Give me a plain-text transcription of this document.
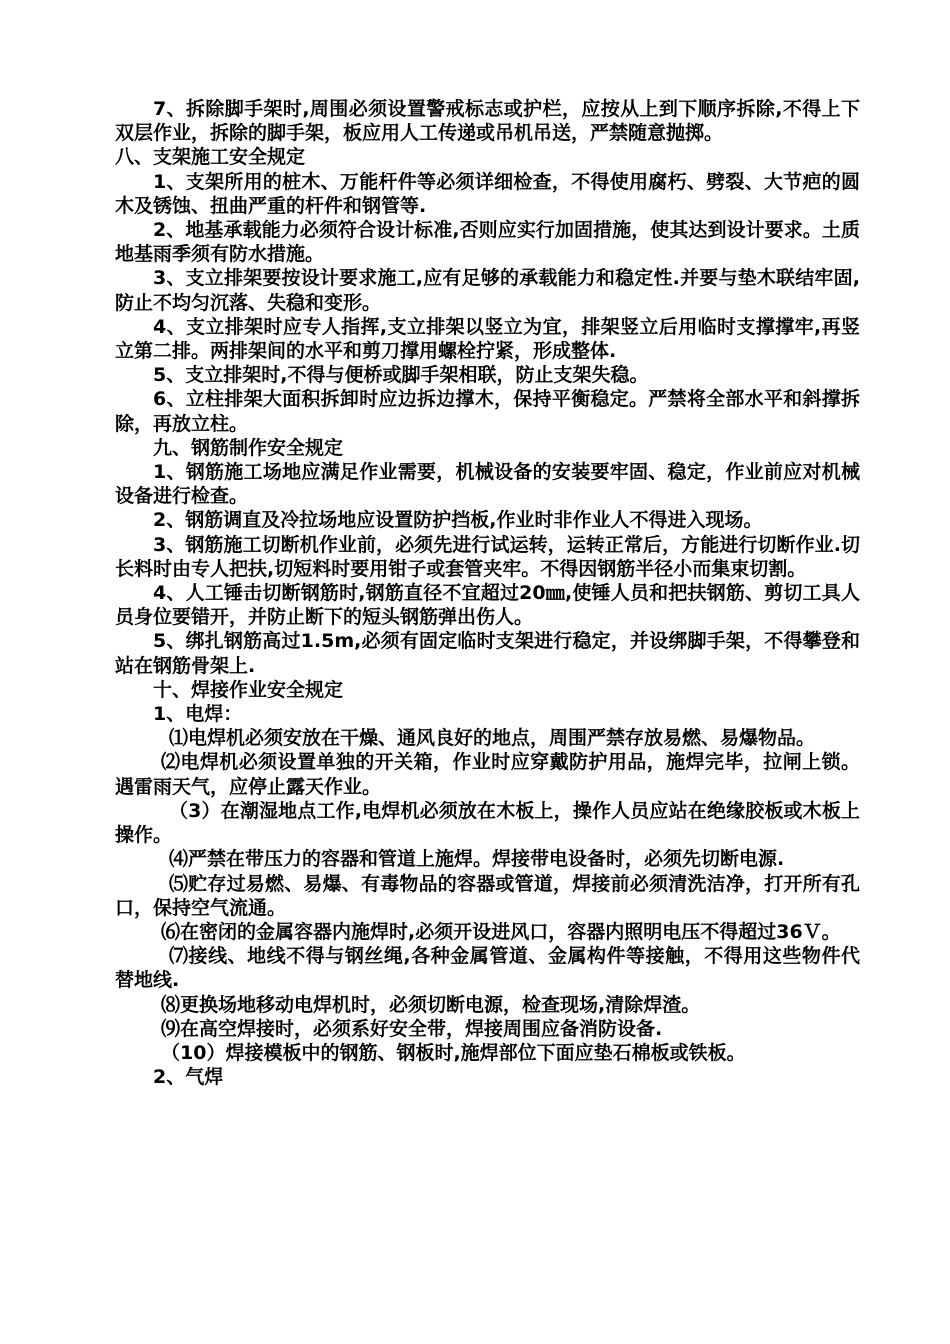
7、拆除脚手架时,周围必须设置警戒标志或护栏，应按从上到下顺序拆除,不得上下双层作业，拆除的脚手架，板应用人工传递或吊机吊送，严禁随意抛掷。

八、支架施工安全规定

1、支架所用的桩木、万能杆件等必须详细检查，不得使用腐朽、劈裂、大节疤的圆木及锈蚀、扭曲严重的杆件和钢管等.

2、地基承载能力必须符合设计标准,否则应实行加固措施，使其达到设计要求。土质地基雨季须有防水措施。

3、支立排架要按设计要求施工,应有足够的承载能力和稳定性.并要与垫木联结牢固,防止不均匀沉落、失稳和变形。

4、支立排架时应专人指挥,支立排架以竖立为宜，排架竖立后用临时支撑撑牢,再竖立第二排。两排架间的水平和剪刀撑用螺栓拧紧，形成整体.

5、支立排架时,不得与便桥或脚手架相联，防止支架失稳。

6、立柱排架大面积拆卸时应边拆边撑木，保持平衡稳定。严禁将全部水平和斜撑拆除，再放立柱。

九、钢筋制作安全规定

1、钢筋施工场地应满足作业需要，机械设备的安装要牢固、稳定，作业前应对机械设备进行检查。

2、钢筋调直及冷拉场地应设置防护挡板,作业时非作业人不得进入现场。

3、钢筋施工切断机作业前，必须先进行试运转，运转正常后，方能进行切断作业.切长料时由专人把扶,切短料时要用钳子或套管夹牢。不得因钢筋半径小而集束切割。

4、人工锤击切断钢筋时,钢筋直径不宜超过20㎜,使锤人员和把扶钢筋、剪切工具人员身位要错开，并防止断下的短头钢筋弹出伤人。

5、绑扎钢筋高过1.5m,必须有固定临时支架进行稳定，并设绑脚手架，不得攀登和站在钢筋骨架上.

十、焊接作业安全规定

1、电焊：

⑴电焊机必须安放在干燥、通风良好的地点，周围严禁存放易燃、易爆物品。

⑵电焊机必须设置单独的开关箱，作业时应穿戴防护用品，施焊完毕，拉闸上锁。遇雷雨天气，应停止露天作业。

（3）在潮湿地点工作,电焊机必须放在木板上，操作人员应站在绝缘胶板或木板上操作。

⑷严禁在带压力的容器和管道上施焊。焊接带电设备时，必须先切断电源.

⑸贮存过易燃、易爆、有毒物品的容器或管道，焊接前必须清洗洁净，打开所有孔口，保持空气流通。

⑹在密闭的金属容器内施焊时,必须开设进风口，容器内照明电压不得超过36Ｖ。

⑺接线、地线不得与钢丝绳,各种金属管道、金属构件等接触，不得用这些物件代替地线.

⑻更换场地移动电焊机时，必须切断电源，检查现场,清除焊渣。

⑼在高空焊接时，必须系好安全带，焊接周围应备消防设备.

（10）焊接模板中的钢筋、钢板时,施焊部位下面应垫石棉板或铁板。

2、气焊
